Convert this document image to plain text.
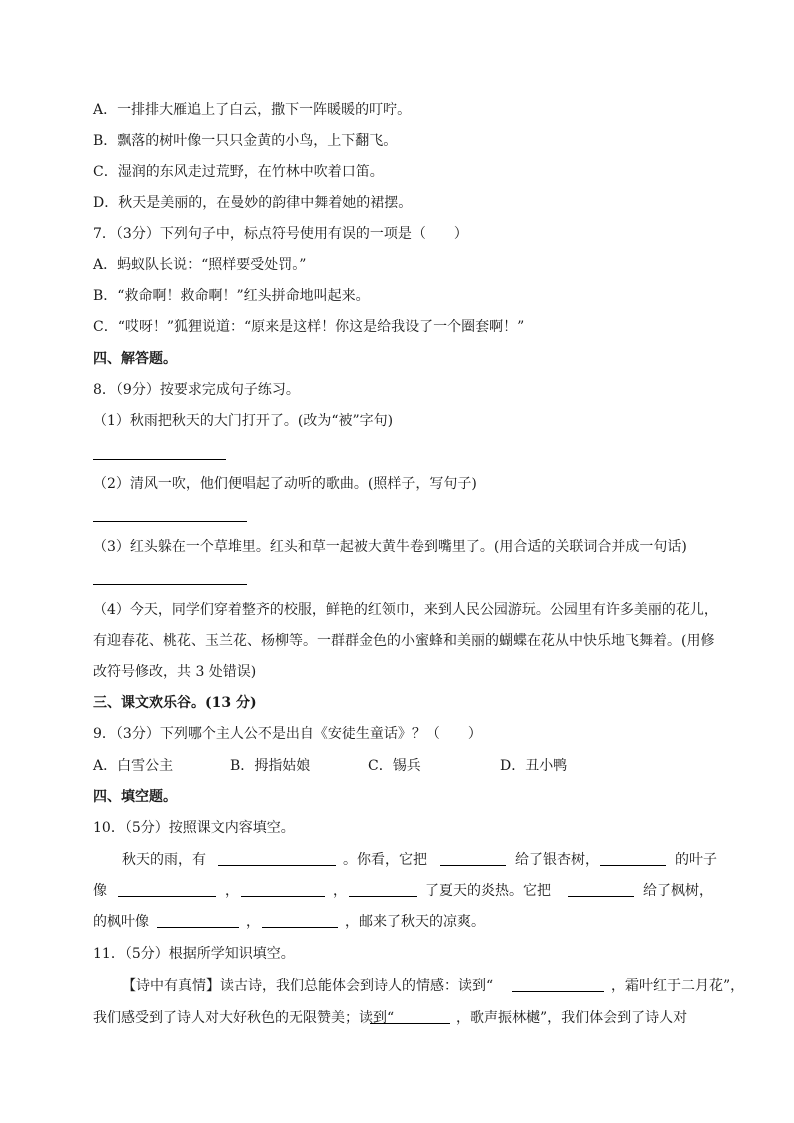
A．一排排大雁追上了白云，撒下一阵暖暖的叮咛。
B．飘落的树叶像一只只金黄的小鸟，上下翻飞。
C．湿润的东风走过荒野，在竹林中吹着口笛。
D．秋天是美丽的，在曼妙的韵律中舞着她的裙摆。
7．（3分）下列句子中，标点符号使用有误的一项是（　　）
A．蚂蚁队长说：“照样要受处罚。”
B．“救命啊！救命啊！”红头拼命地叫起来。
C．“哎呀！”狐狸说道：“原来是这样！你这是给我设了一个圈套啊！”
四、解答题。
8．（9分）按要求完成句子练习。
（1）秋雨把秋天的大门打开了。(改为“被”字句)
（2）清风一吹，他们便唱起了动听的歌曲。(照样子，写句子)
（3）红头躲在一个草堆里。红头和草一起被大黄牛卷到嘴里了。(用合适的关联词合并成一句话)
（4）今天，同学们穿着整齐的校服，鲜艳的红领巾，来到人民公园游玩。公园里有许多美丽的花儿，
有迎春花、桃花、玉兰花、杨柳等。一群群金色的小蜜蜂和美丽的蝴蝶在花从中快乐地飞舞着。(用修
改符号修改，共 3 处错误)
三、课文欢乐谷。(13 分)
9．（3分）下列哪个主人公不是出自《安徒生童话》？（　　）
A．白雪公主	B．拇指姑娘	C．锡兵	D．丑小鸭
四、填空题。
10．（5分）按照课文内容填空。
秋天的雨，有	。你看，它把	给了银杏树，	的叶子
像	，	，	了夏天的炎热。它把	给了枫树，
的枫叶像	，	，邮来了秋天的凉爽。
11．（5分）根据所学知识填空。
【诗中有真情】读古诗，我们总能体会到诗人的情感：读到“	，霜叶红于二月花”，
我们感受到了诗人对大好秋色的无限赞美；读到“	，歌声振林樾”，我们体会到了诗人对
